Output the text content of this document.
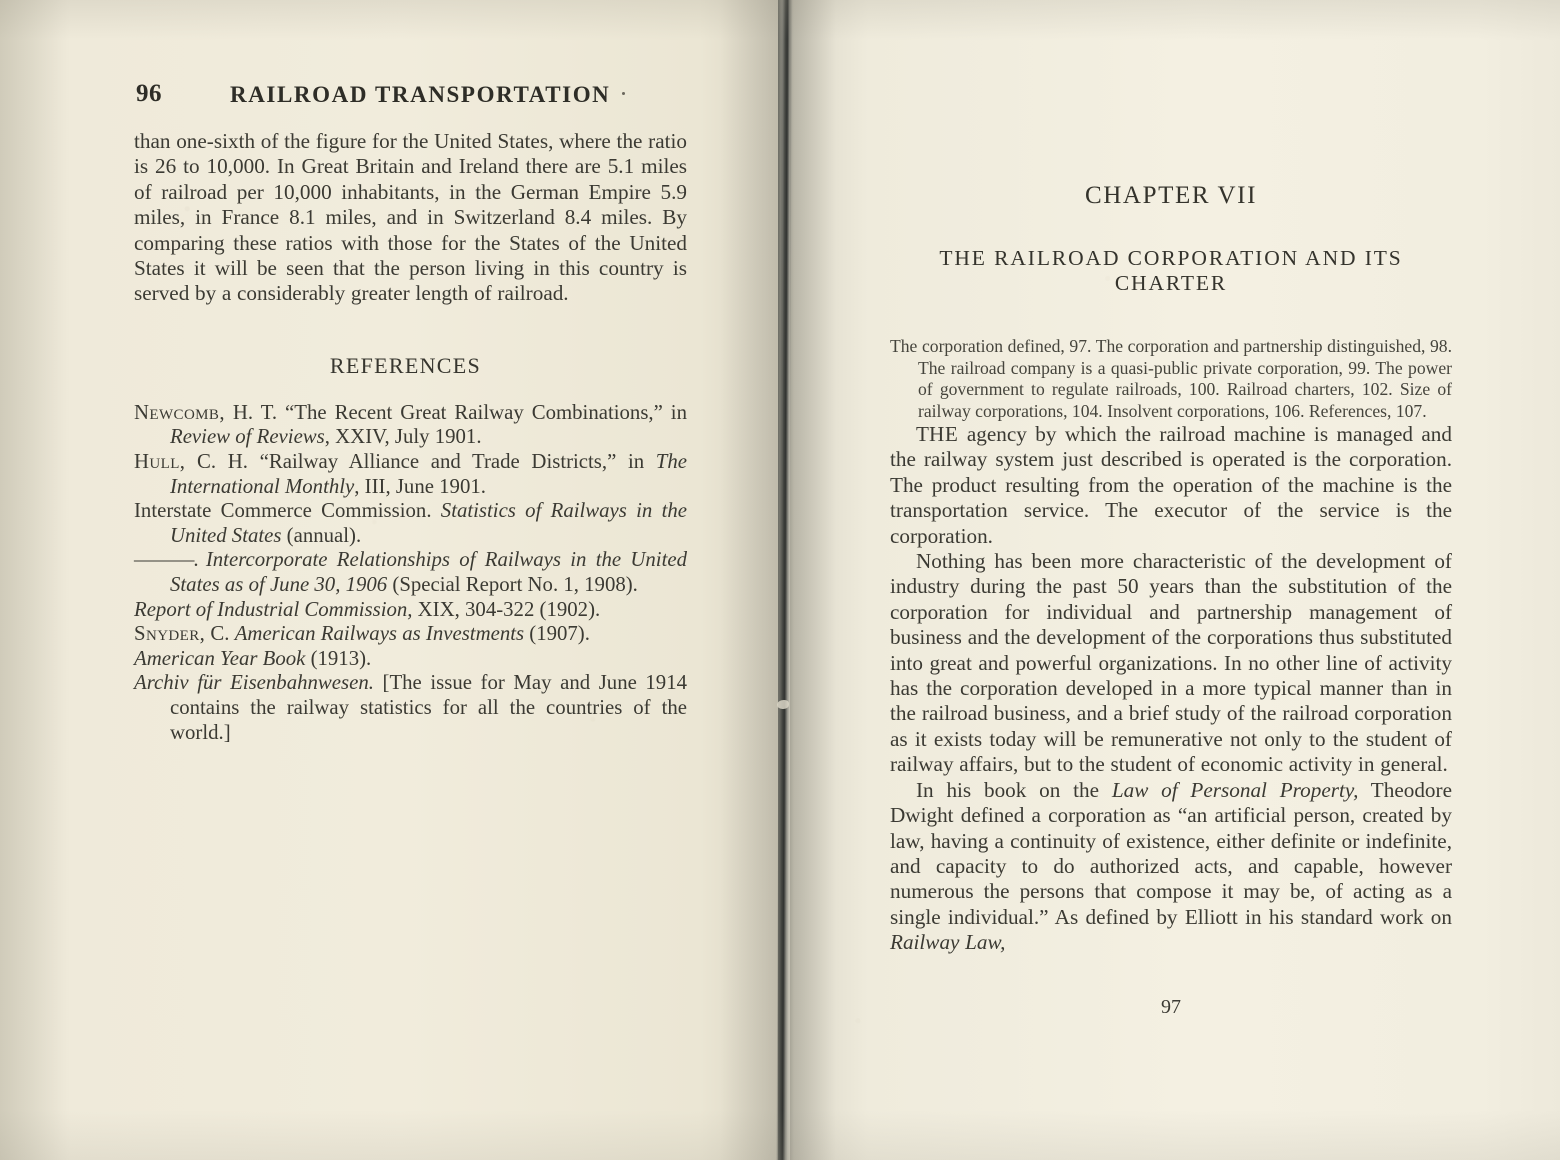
96	RAILROAD TRANSPORTATION

than one-sixth of the figure for the United States, where the ratio is 26 to 10,000. In Great Britain and Ireland there are 5.1 miles of railroad per 10,000 inhabitants, in the German Empire 5.9 miles, in France 8.1 miles, and in Switzerland 8.4 miles. By comparing these ratios with those for the States of the United States it will be seen that the person living in this country is served by a considerably greater length of railroad.

REFERENCES

Newcomb, H. T. “The Recent Great Railway Combinations,” in Review of Reviews, XXIV, July 1901.

Hull, C. H. “Railway Alliance and Trade Districts,” in The International Monthly, III, June 1901.

Interstate Commerce Commission. Statistics of Railways in the United States (annual).

———. Intercorporate Relationships of Railways in the United States as of June 30, 1906 (Special Report No. 1, 1908).

Report of Industrial Commission, XIX, 304-322 (1902).

Snyder, C. American Railways as Investments (1907).

American Year Book (1913).

Archiv für Eisenbahnwesen. [The issue for May and June 1914 contains the railway statistics for all the countries of the world.]

CHAPTER VII
THE RAILROAD CORPORATION AND ITS CHARTER

The corporation defined, 97. The corporation and partnership distinguished, 98. The railroad company is a quasi-public private corporation, 99. The power of government to regulate railroads, 100. Railroad charters, 102. Size of railway corporations, 104. Insolvent corporations, 106. References, 107.

THE agency by which the railroad machine is managed and the railway system just described is operated is the corporation. The product resulting from the operation of the machine is the transportation service. The executor of the service is the corporation.

Nothing has been more characteristic of the development of industry during the past 50 years than the substitution of the corporation for individual and partnership management of business and the development of the corporations thus substituted into great and powerful organizations. In no other line of activity has the corporation developed in a more typical manner than in the railroad business, and a brief study of the railroad corporation as it exists today will be remunerative not only to the student of railway affairs, but to the student of economic activity in general.

In his book on the Law of Personal Property, Theodore Dwight defined a corporation as “an artificial person, created by law, having a continuity of existence, either definite or indefinite, and capacity to do authorized acts, and capable, however numerous the persons that compose it may be, of acting as a single individual.” As defined by Elliott in his standard work on Railway Law,

97
